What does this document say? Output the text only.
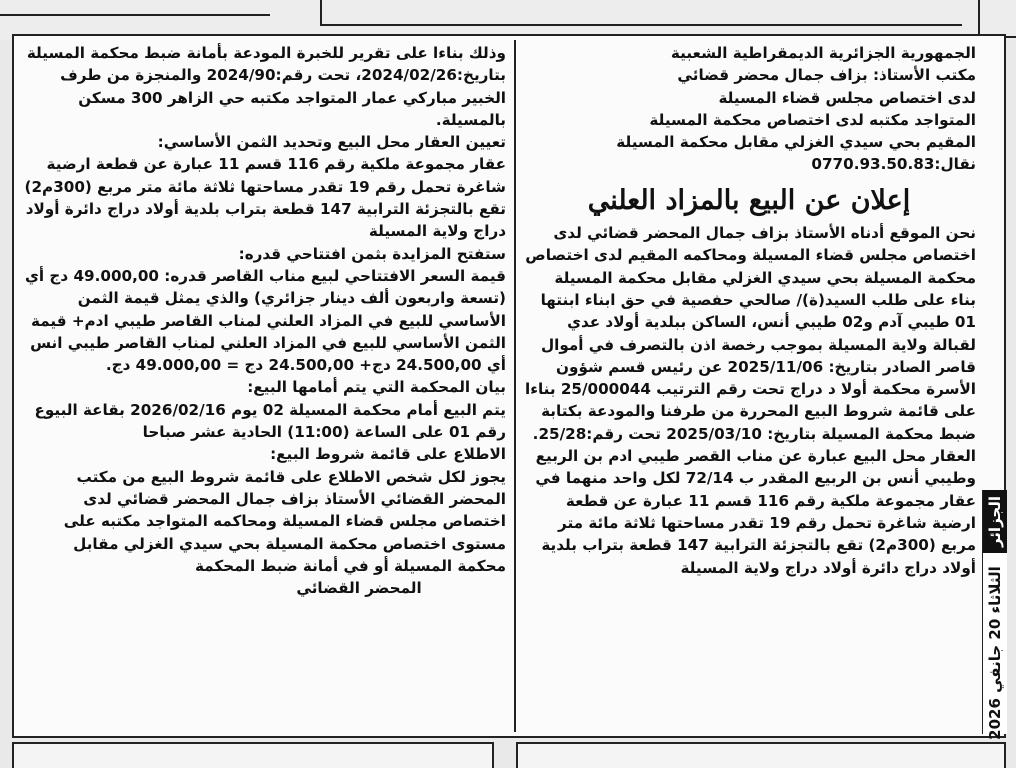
الجمهورية الجزائرية الديمقراطية الشعبية

مكتب الأستاذ: بزاف جمال محضر قضائي

لدى اختصاص مجلس قضاء المسيلة

المتواجد مكتبه لدى اختصاص محكمة المسيلة

المقيم بحي سيدي الغزلي مقابل محكمة المسيلة

نقال:0770.93.50.83

إعلان عن البيع بالمزاد العلني

نحن الموقع أدناه الأستاذ بزاف جمال المحضر قضائي لدى اختصاص مجلس قضاء المسيلة ومحاكمه المقيم لدى اختصاص محكمة المسيلة بحي سيدي الغزلي مقابل محكمة المسيلة

بناء على طلب السيد(ة)/ صالحي حفصية في حق ابناء ابنتها 01 طيبي آدم و02 طيبي أنس، الساكن ببلدية أولاد عدي لقبالة ولاية المسيلة بموجب رخصة اذن بالتصرف في أموال قاصر الصادر بتاريخ: 2025/11/06 عن رئيس قسم شؤون الأسرة محكمة أولا د دراج تحت رقم الترتيب 25/000044 بناءا على قائمة شروط البيع المحررة من طرفنا والمودعة بكتابة ضبط محكمة المسيلة بتاريخ: 2025/03/10 تحت رقم:25/28.

العقار محل البيع عبارة عن مناب القصر طيبي ادم بن الربيع وطيبي أنس بن الربيع المقدر ب 72/14 لكل واحد منهما في عقار مجموعة ملكية رقم 116 قسم 11 عبارة عن قطعة ارضية شاغرة تحمل رقم 19 تقدر مساحتها ثلاثة مائة متر مربع (300م2) تقع بالتجزئة الترابية 147 قطعة بتراب بلدية أولاد دراج دائرة أولاد دراج ولاية المسيلة

وذلك بناءا على تقرير للخبرة المودعة بأمانة ضبط محكمة المسيلة بتاريخ:2024/02/26، تحت رقم:2024/90 والمنجزة من طرف الخبير مباركي عمار المتواجد مكتبه حي الزاهر 300 مسكن بالمسيلة.

تعيين العقار محل البيع وتحديد الثمن الأساسي:

عقار مجموعة ملكية رقم 116 قسم 11 عبارة عن قطعة ارضية شاغرة تحمل رقم 19 تقدر مساحتها ثلاثة مائة متر مربع (300م2) تقع بالتجزئة الترابية 147 قطعة بتراب بلدية أولاد دراج دائرة أولاد دراج ولاية المسيلة

ستفتح المزايدة بثمن افتتاحي قدره:

قيمة السعر الافتتاحي لبيع مناب القاصر قدره: 49.000,00 دج أي (تسعة واربعون ألف دينار جزائري) والذي يمثل قيمة الثمن الأساسي للبيع في المزاد العلني لمناب القاصر طيبي ادم+ قيمة الثمن الأساسي للبيع في المزاد العلني لمناب القاصر طيبي انس أي 24.500,00 دج+ 24.500,00 دج = 49.000,00 دج.

بيان المحكمة التي يتم أمامها البيع:

يتم البيع أمام محكمة المسيلة 02 يوم 2026/02/16 بقاعة البيوع رقم 01 على الساعة (11:00) الحادية عشر صباحا

الاطلاع على قائمة شروط البيع:

يجوز لكل شخص الاطلاع على قائمة شروط البيع من مكتب المحضر القضائي الأستاذ بزاف جمال المحضر قضائي لدى اختصاص مجلس قضاء المسيلة ومحاكمه المتواجد مكتبه على مستوى اختصاص محكمة المسيلة بحي سيدي الغزلي مقابل محكمة المسيلة أو في أمانة ضبط المحكمة

المحضر القضائي

الجزائر الثلاثاء 20 جانفي 2026
